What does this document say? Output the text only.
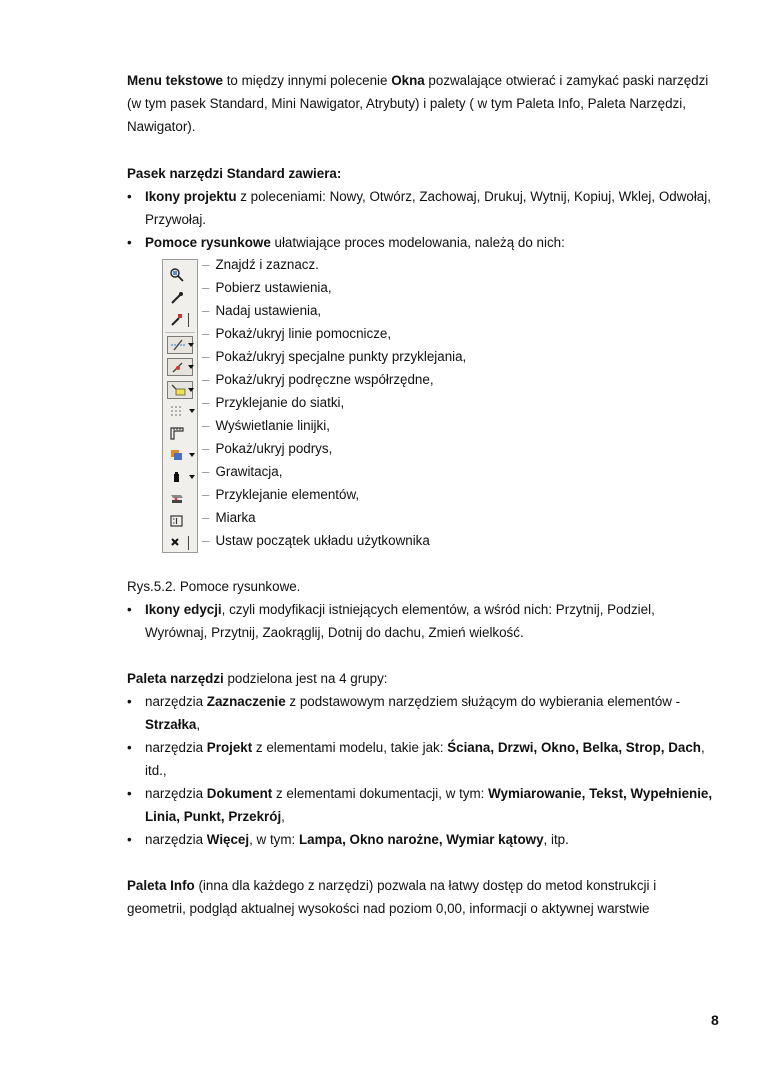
Menu tekstowe to między innymi polecenie Okna pozwalające otwierać i zamykać paski narzędzi (w tym pasek Standard, Mini Nawigator, Atrybuty) i palety ( w tym Paleta Info, Paleta Narzędzi, Nawigator).

Pasek narzędzi Standard zawiera:

• Ikony projektu z poleceniami: Nowy, Otwórz, Zachowaj, Drukuj, Wytnij, Kopiuj, Wklej, Odwołaj, Przywołaj.
• Pomoce rysunkowe ułatwiające proces modelowania, należą do nich:
– Znajdź i zaznacz.
– Pobierz ustawienia,
– Nadaj ustawienia,
– Pokaż/ukryj linie pomocnicze,
– Pokaż/ukryj specjalne punkty przyklejania,
– Pokaż/ukryj podręczne współrzędne,
– Przyklejanie do siatki,
– Wyświetlanie linijki,
– Pokaż/ukryj podrys,
– Grawitacja,
– Przyklejanie elementów,
– Miarka
– Ustaw początek układu użytkownika

Rys.5.2. Pomoce rysunkowe.

• Ikony edycji, czyli modyfikacji istniejących elementów, a wśród nich: Przytnij, Podziel, Wyrównaj, Przytnij, Zaokrąglij, Dotnij do dachu, Zmień wielkość.

Paleta narzędzi podzielona jest na 4 grupy:

• narzędzia Zaznaczenie z podstawowym narzędziem służącym do wybierania elementów - Strzałka,
• narzędzia Projekt z elementami modelu, takie jak: Ściana, Drzwi, Okno, Belka, Strop, Dach, itd.,
• narzędzia Dokument z elementami dokumentacji, w tym: Wymiarowanie, Tekst, Wypełnienie, Linia, Punkt, Przekrój,
• narzędzia Więcej, w tym: Lampa, Okno narożne, Wymiar kątowy, itp.

Paleta Info (inna dla każdego z narzędzi) pozwala na łatwy dostęp do metod konstrukcji i geometrii, podgląd aktualnej wysokości nad poziom 0,00, informacji o aktywnej warstwie

8
